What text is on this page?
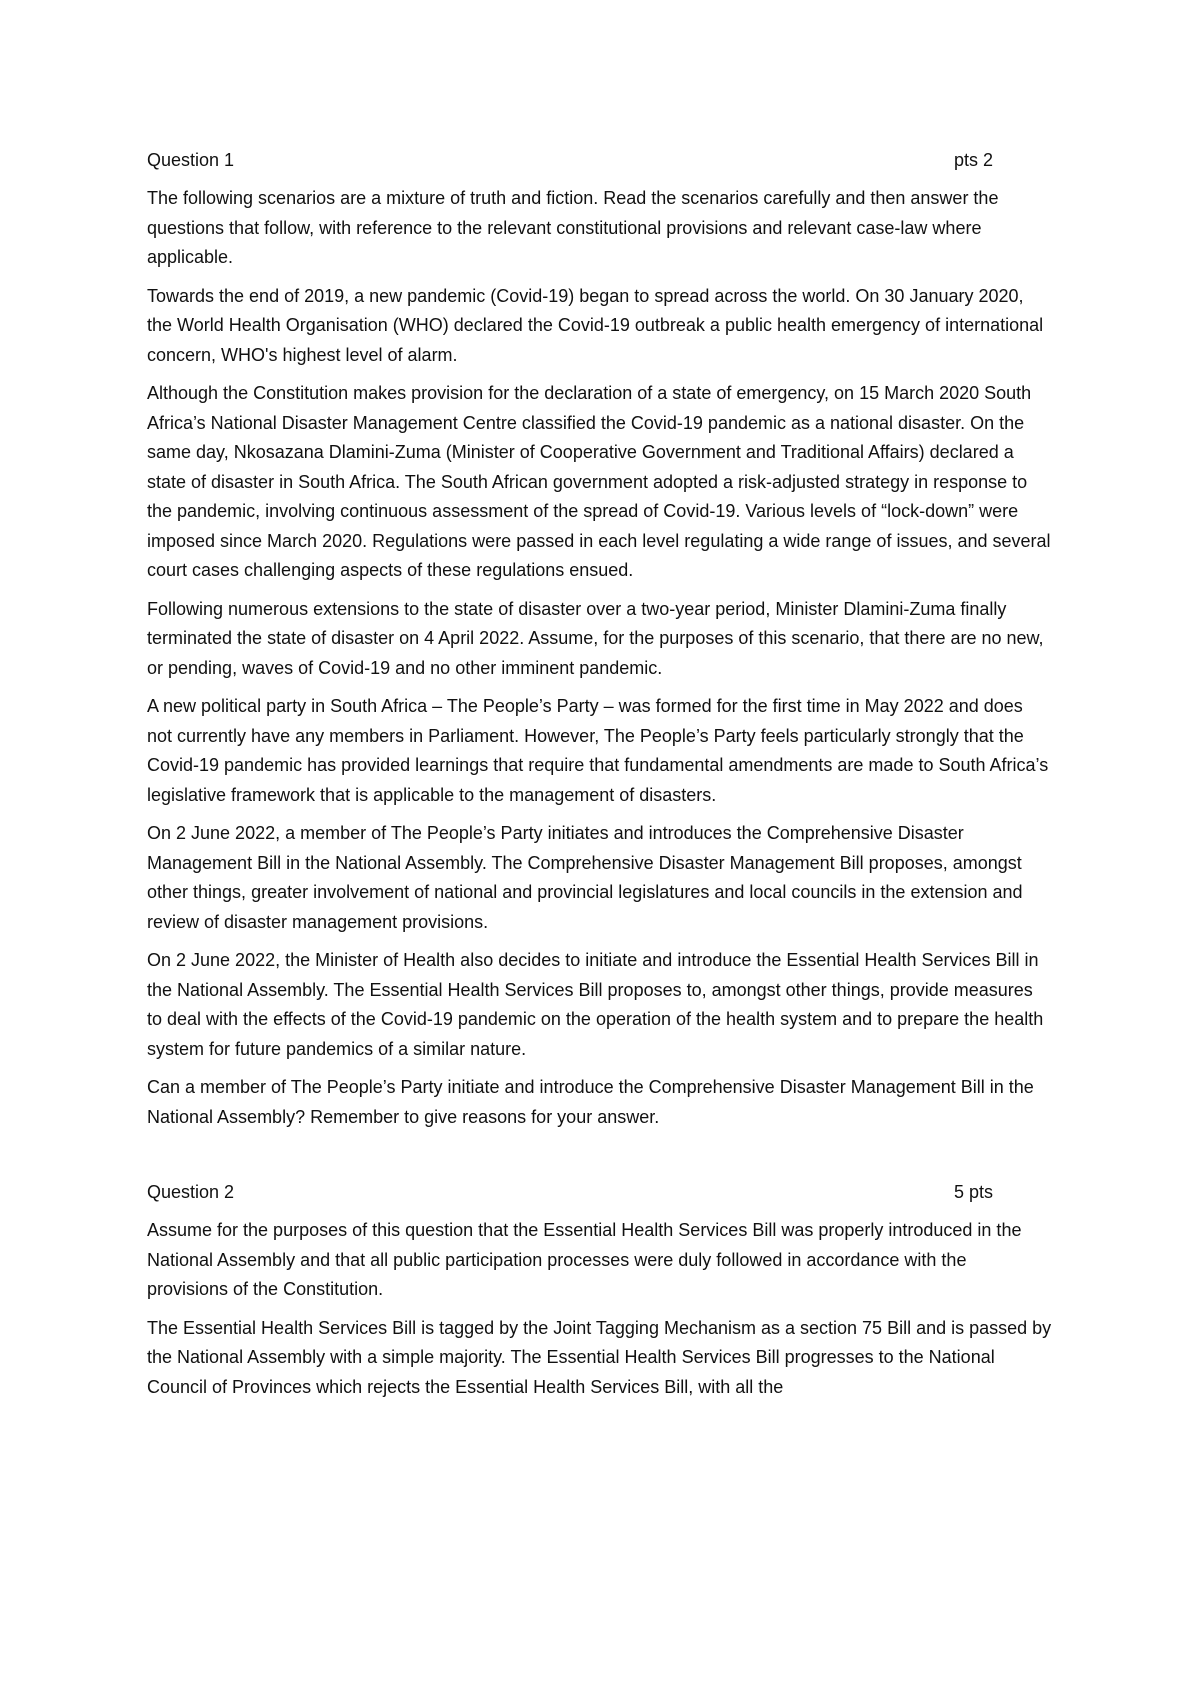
Question 1	pts 2

The following scenarios are a mixture of truth and fiction. Read the scenarios carefully and then answer the questions that follow, with reference to the relevant constitutional provisions and relevant case-law where applicable.

Towards the end of 2019, a new pandemic (Covid-19) began to spread across the world. On 30 January 2020, the World Health Organisation (WHO) declared the Covid-19 outbreak a public health emergency of international concern, WHO's highest level of alarm.

Although the Constitution makes provision for the declaration of a state of emergency, on 15 March 2020 South Africa’s National Disaster Management Centre classified the Covid-19 pandemic as a national disaster. On the same day, Nkosazana Dlamini-Zuma (Minister of Cooperative Government and Traditional Affairs) declared a state of disaster in South Africa. The South African government adopted a risk-adjusted strategy in response to the pandemic, involving continuous assessment of the spread of Covid-19. Various levels of “lock-down” were imposed since March 2020. Regulations were passed in each level regulating a wide range of issues, and several court cases challenging aspects of these regulations ensued.

Following numerous extensions to the state of disaster over a two-year period, Minister Dlamini-Zuma finally terminated the state of disaster on 4 April 2022. Assume, for the purposes of this scenario, that there are no new, or pending, waves of Covid-19 and no other imminent pandemic.

A new political party in South Africa – The People’s Party – was formed for the first time in May 2022 and does not currently have any members in Parliament. However, The People’s Party feels particularly strongly that the Covid-19 pandemic has provided learnings that require that fundamental amendments are made to South Africa’s legislative framework that is applicable to the management of disasters.

On 2 June 2022, a member of The People’s Party initiates and introduces the Comprehensive Disaster Management Bill in the National Assembly. The Comprehensive Disaster Management Bill proposes, amongst other things, greater involvement of national and provincial legislatures and local councils in the extension and review of disaster management provisions.

On 2 June 2022, the Minister of Health also decides to initiate and introduce the Essential Health Services Bill in the National Assembly. The Essential Health Services Bill proposes to, amongst other things, provide measures to deal with the effects of the Covid-19 pandemic on the operation of the health system and to prepare the health system for future pandemics of a similar nature.

Can a member of The People’s Party initiate and introduce the Comprehensive Disaster Management Bill in the National Assembly? Remember to give reasons for your answer.

Question 2	5 pts

Assume for the purposes of this question that the Essential Health Services Bill was properly introduced in the National Assembly and that all public participation processes were duly followed in accordance with the provisions of the Constitution.

The Essential Health Services Bill is tagged by the Joint Tagging Mechanism as a section 75 Bill and is passed by the National Assembly with a simple majority. The Essential Health Services Bill progresses to the National Council of Provinces which rejects the Essential Health Services Bill, with all the
